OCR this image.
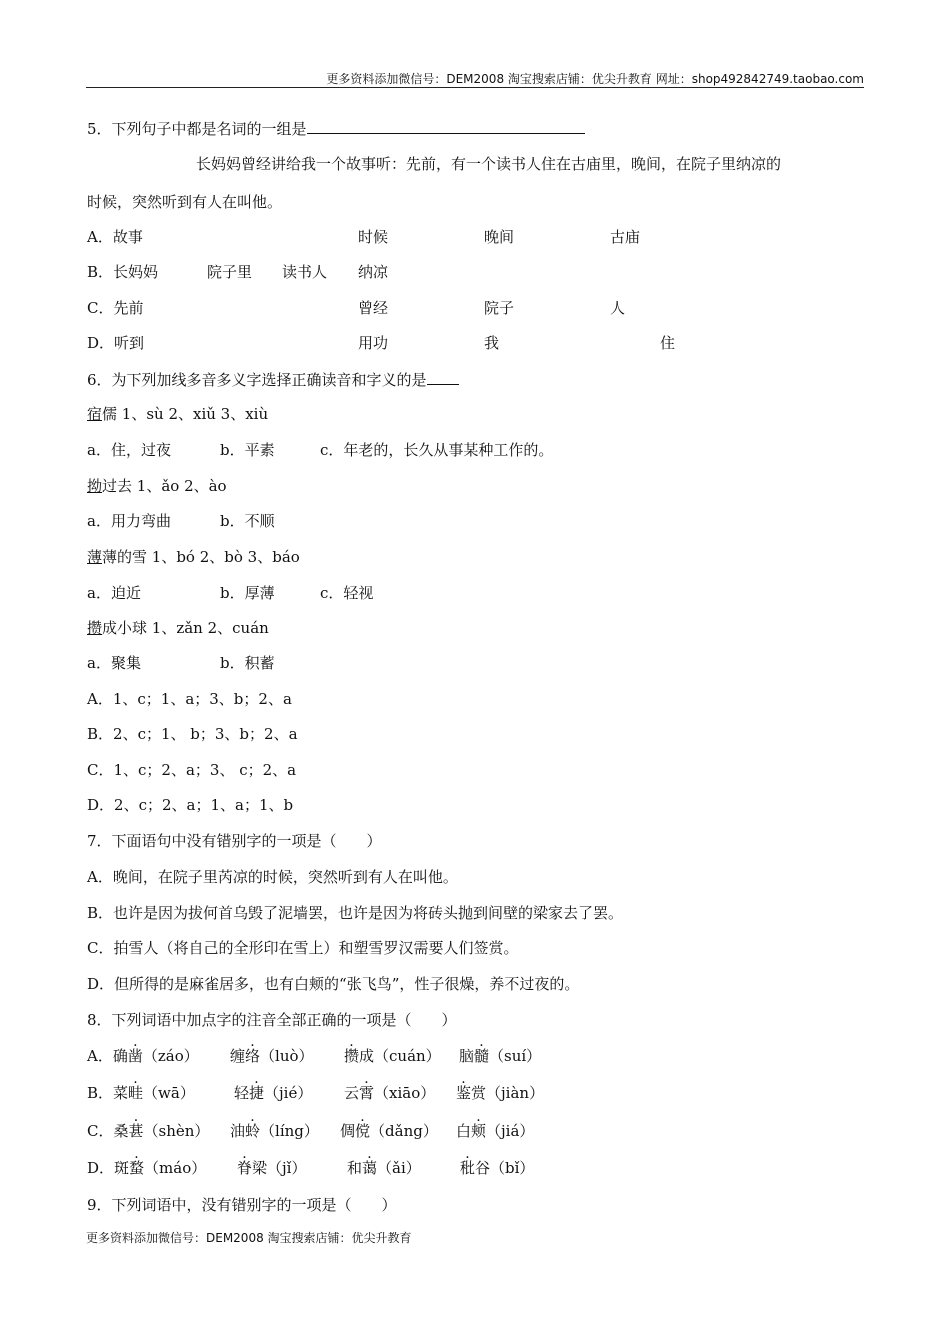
更多资料添加微信号：DEM2008 淘宝搜索店铺：优尖升教育 网址：shop492842749.taobao.com
5．下列句子中都是名词的一组是
长妈妈曾经讲给我一个故事听：先前，有一个读书人住在古庙里，晚间，在院子里纳凉的
时候，突然听到有人在叫他。
A．故事	时候	晚间	古庙
B．长妈妈	院子里 读书人 纳凉
C．先前	曾经	院子	人
D．听到	用功	我	住
6．为下列加线多音多义字选择正确读音和字义的是
宿儒 1、sù 2、xiǔ 3、xiù
a．住，过夜	b．平素	c．年老的，长久从事某种工作的。
拗过去 1、ǎo 2、ào
a．用力弯曲	b．不顺
薄薄的雪 1、bó 2、bò 3、báo
a．迫近	b．厚薄	c．轻视
攒成小球 1、zǎn 2、cuán
a．聚集	b．积蓄
A．1、c；1、a；3、b；2、a
B．2、c；1、 b；3、b；2、a
C．1、c；2、a；3、 c；2、a
D．2、c；2、a；1、a；1、b
7．下面语句中没有错别字的一项是（　　）
A．晚间，在院子里芮凉的时候，突然听到有人在叫他。
B．也许是因为拔何首乌毁了泥墙罢，也许是因为将砖头抛到间壁的梁家去了罢。
C．拍雪人（将自己的全形印在雪上）和塑雪罗汉需要人们签赏。
D．但所得的是麻雀居多，也有白颊的“张飞鸟”，性子很燥，养不过夜的。
8．下列词语中加点字的注音全部正确的一项是（　　）
A．确凿（záo） 缠络（luò） 攒成（cuán） 脑髓（suí）
B．菜畦（wā）	轻捷（jié） 云霄（xiāo） 鉴赏（jiàn）
C．桑葚（shèn） 油蛉（líng） 倜傥（dǎng） 白颊（jiá）
D．斑蝥（máo） 脊梁（jǐ）	和蔼（ǎi）	秕谷（bǐ）
9．下列词语中，没有错别字的一项是（　　）
更多资料添加微信号：DEM2008 淘宝搜索店铺：优尖升教育
